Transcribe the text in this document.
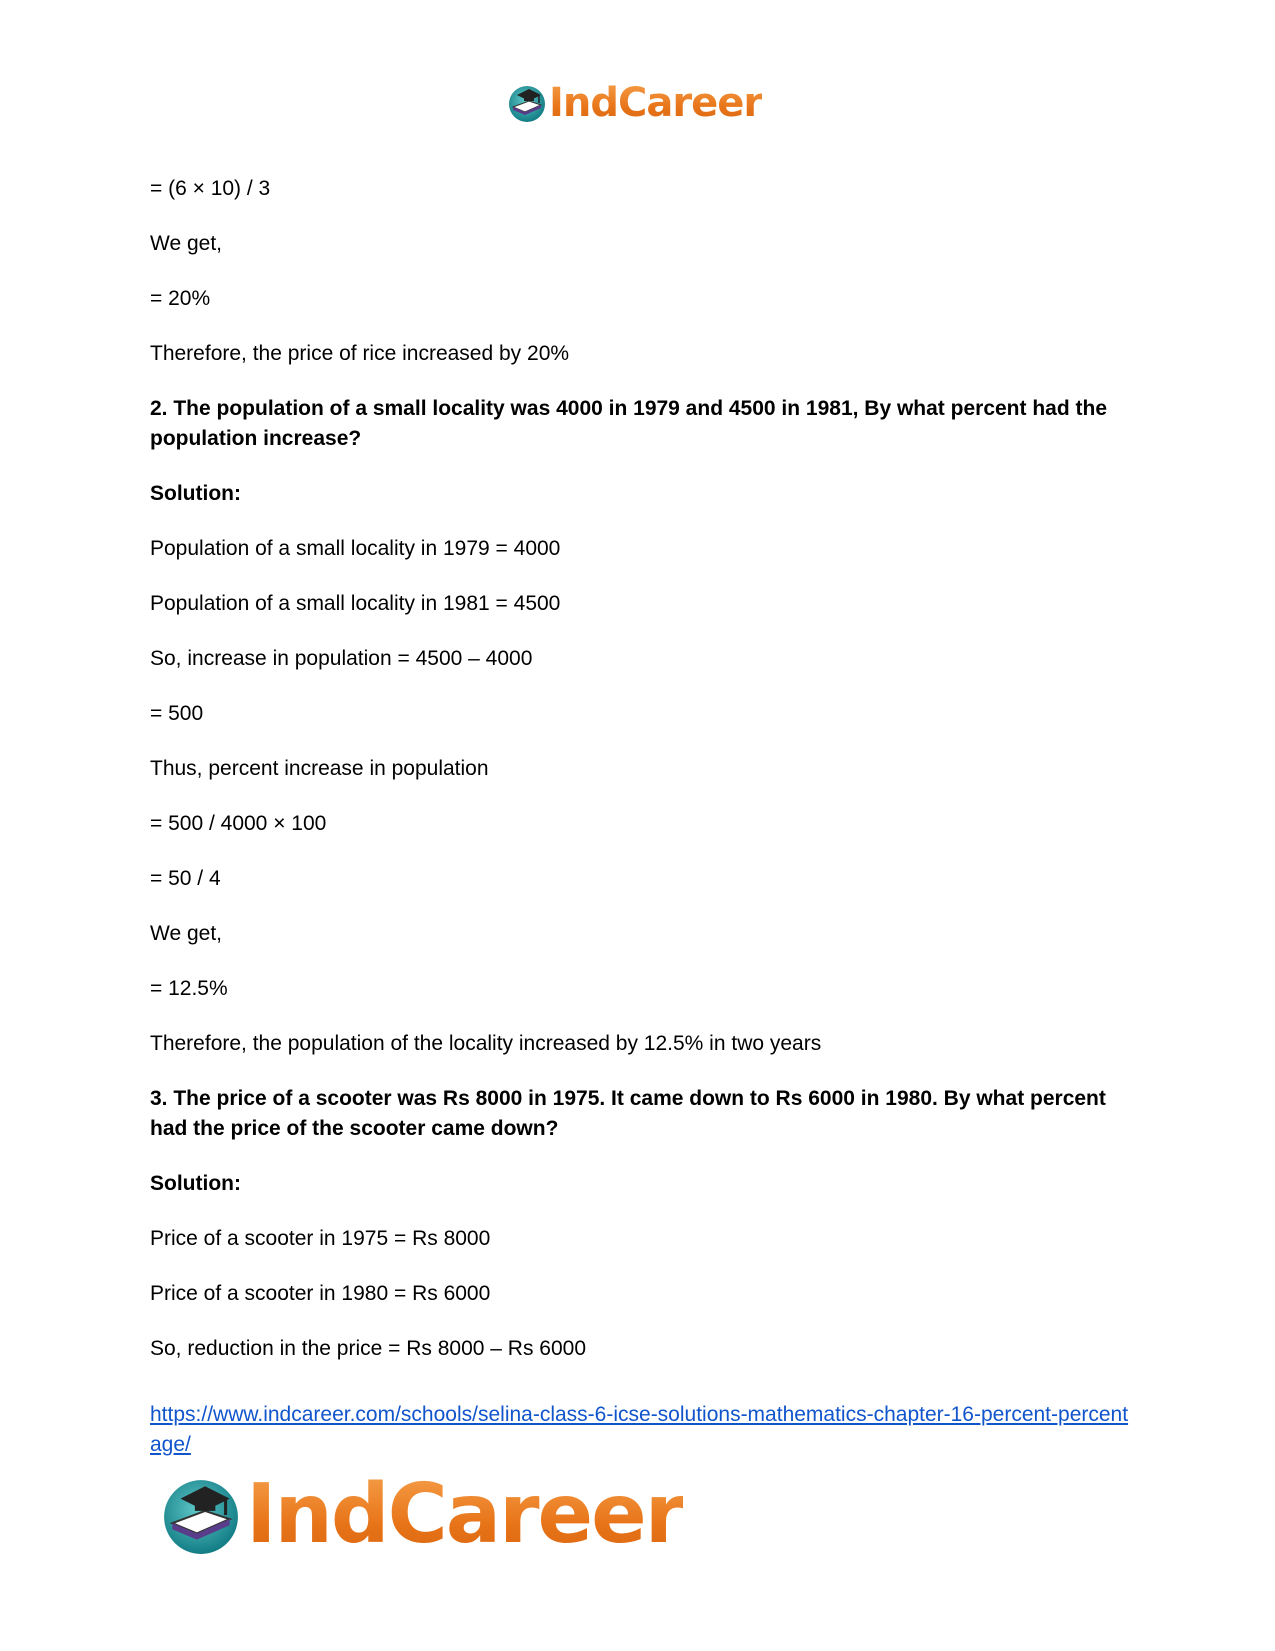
IndCareer

= (6 × 10) / 3

We get,

= 20%

Therefore, the price of rice increased by 20%

2. The population of a small locality was 4000 in 1979 and 4500 in 1981, By what percent had the population increase?

Solution:

Population of a small locality in 1979 = 4000

Population of a small locality in 1981 = 4500

So, increase in population = 4500 – 4000

= 500

Thus, percent increase in population

= 500 / 4000 × 100

= 50 / 4

We get,

= 12.5%

Therefore, the population of the locality increased by 12.5% in two years

3. The price of a scooter was Rs 8000 in 1975. It came down to Rs 6000 in 1980. By what percent had the price of the scooter came down?

Solution:

Price of a scooter in 1975 = Rs 8000

Price of a scooter in 1980 = Rs 6000

So, reduction in the price = Rs 8000 – Rs 6000

https://www.indcareer.com/schools/selina-class-6-icse-solutions-mathematics-chapter-16-percent-percentage/
IndCareer
